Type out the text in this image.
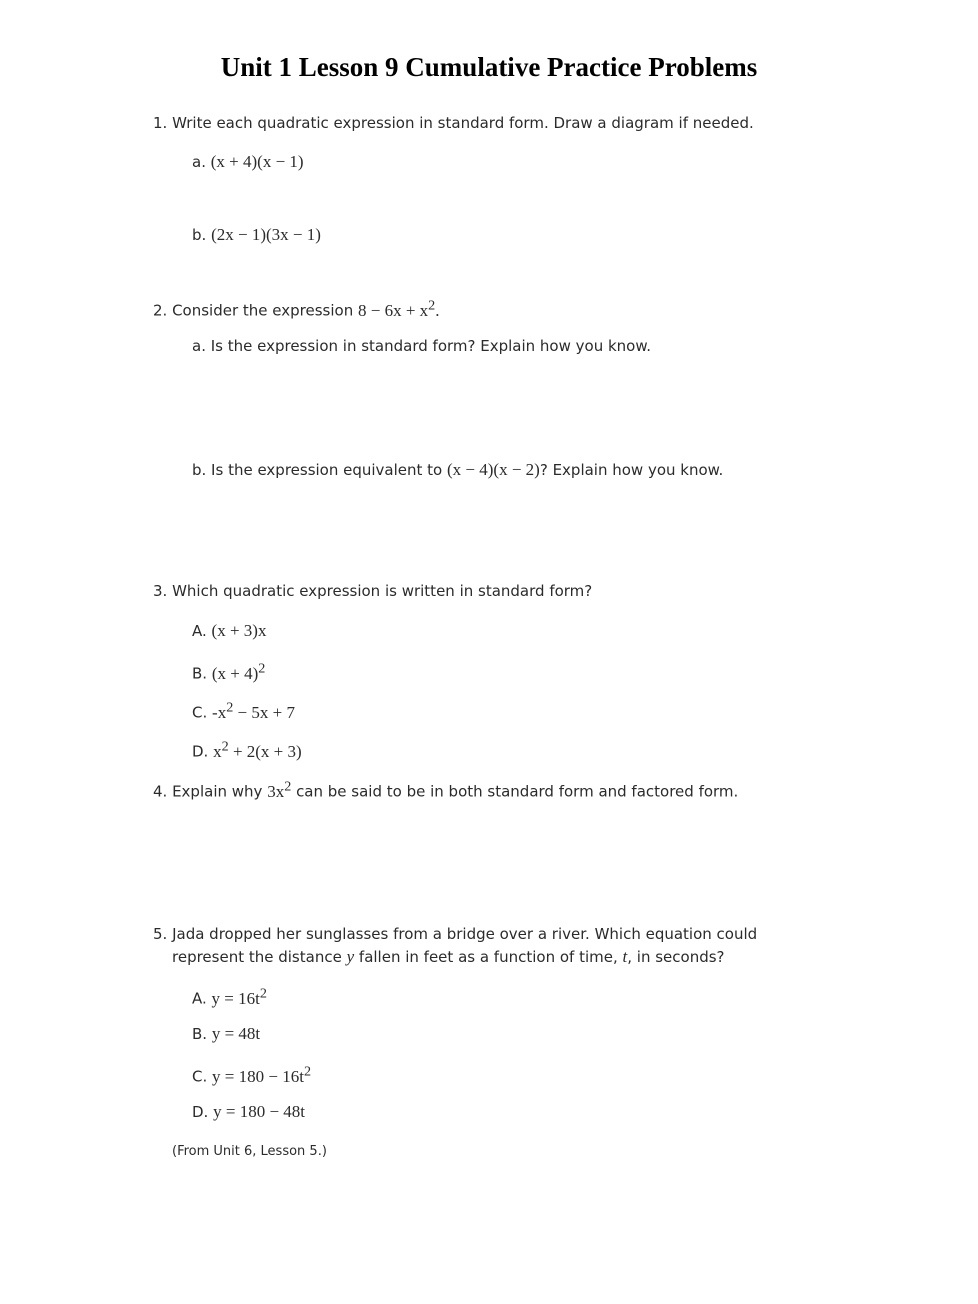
Unit 1 Lesson 9 Cumulative Practice Problems
1. Write each quadratic expression in standard form. Draw a diagram if needed.
a. (x + 4)(x − 1)
b. (2x − 1)(3x − 1)
2. Consider the expression $8 - 6x + x^2$.
a. Is the expression in standard form? Explain how you know.
b. Is the expression equivalent to (x − 4)(x − 2)? Explain how you know.
3. Which quadratic expression is written in standard form?
A. (x + 3)x
B. $(x + 4)^2$
C. $-x^2 - 5x + 7$
D. $x^2 + 2(x + 3)$
4. Explain why $3x^2$ can be said to be in both standard form and factored form.
5. Jada dropped her sunglasses from a bridge over a river. Which equation could
represent the distance y fallen in feet as a function of time, t, in seconds?
A. $y = 16t^2$
B. y = 48t
C. $y = 180 - 16t^2$
D. y = 180 − 48t
(From Unit 6, Lesson 5.)
